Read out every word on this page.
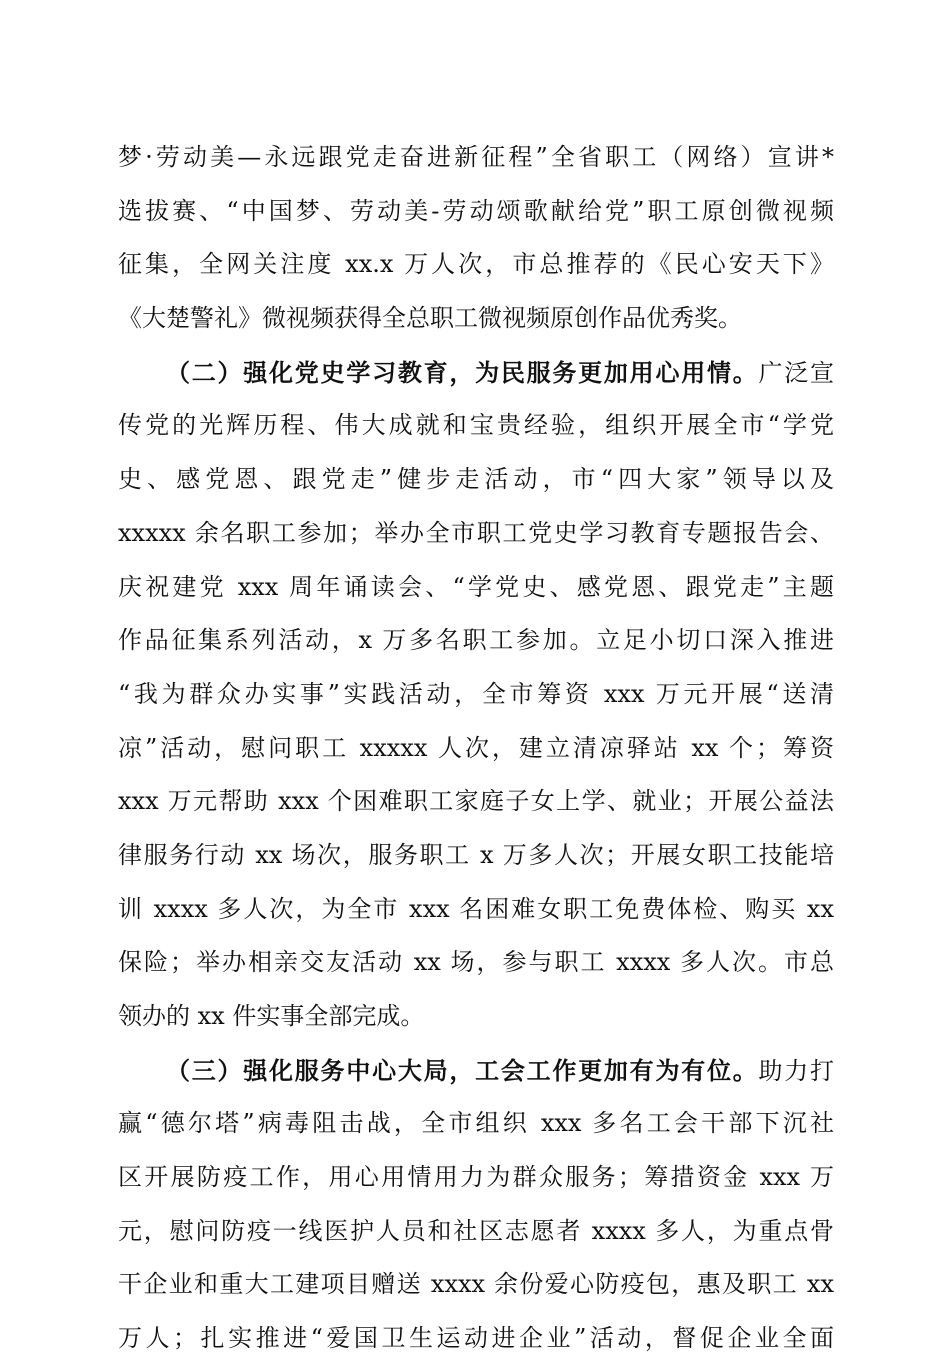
梦·劳动美—永远跟党走奋进新征程”全省职工（网络）宣讲*
选拔赛、“中国梦、劳动美-劳动颂歌献给党”职工原创微视频
征集，全网关注度 xx.x 万人次，市总推荐的《民心安天下》
《大楚警礼》微视频获得全总职工微视频原创作品优秀奖。
（二）强化党史学习教育，为民服务更加用心用情。广泛宣
传党的光辉历程、伟大成就和宝贵经验，组织开展全市“学党
史、感党恩、跟党走”健步走活动，市“四大家”领导以及
xxxxx 余名职工参加；举办全市职工党史学习教育专题报告会、
庆祝建党 xxx 周年诵读会、“学党史、感党恩、跟党走”主题
作品征集系列活动，x 万多名职工参加。立足小切口深入推进
“我为群众办实事”实践活动，全市筹资 xxx 万元开展“送清
凉”活动，慰问职工 xxxxx 人次，建立清凉驿站 xx 个；筹资
xxx 万元帮助 xxx 个困难职工家庭子女上学、就业；开展公益法
律服务行动 xx 场次，服务职工 x 万多人次；开展女职工技能培
训 xxxx 多人次，为全市 xxx 名困难女职工免费体检、购买 xx
保险；举办相亲交友活动 xx 场，参与职工 xxxx 多人次。市总
领办的 xx 件实事全部完成。
（三）强化服务中心大局，工会工作更加有为有位。助力打
赢“德尔塔”病毒阻击战，全市组织 xxx 多名工会干部下沉社
区开展防疫工作，用心用情用力为群众服务；筹措资金 xxx 万
元，慰问防疫一线医护人员和社区志愿者 xxxx 多人，为重点骨
干企业和重大工建项目赠送 xxxx 余份爱心防疫包，惠及职工 xx
万人；扎实推进“爱国卫生运动进企业”活动，督促企业全面
